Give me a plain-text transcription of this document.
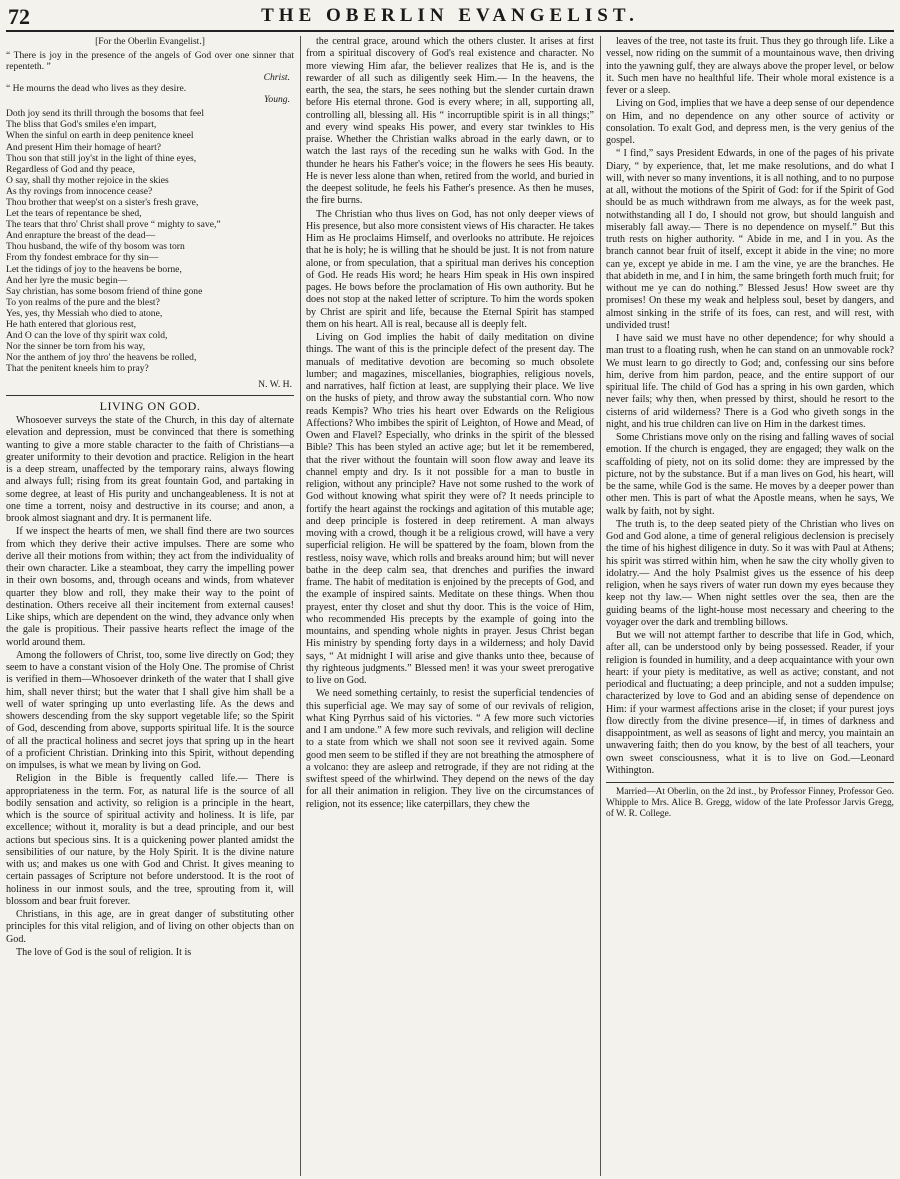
72	THE OBERLIN EVANGELIST.
[For the Oberlin Evangelist.]
“ There is joy in the presence of the angels of God over one sinner that repenteth. ”
Christ.
“ He mourns the dead who lives as they desire.
Young.
Doth joy send its thrill through the bosoms that feel
The bliss that God's smiles e'en impart,
When the sinful on earth in deep penitence kneel
And present Him their homage of heart?
Thou son that still joy'st in the light of thine eyes,
Regardless of God and thy peace,
O say, shall thy mother rejoice in the skies
As thy rovings from innocence cease?
Thou brother that weep'st on a sister's fresh grave,
Let the tears of repentance be shed,
The tears that thro' Christ shall prove “ mighty to save,”
And enrapture the breast of the dead—
Thou husband, the wife of thy bosom was torn
From thy fondest embrace for thy sin—
Let the tidings of joy to the heavens be borne,
And her lyre the music begin—
Say christian, has some bosom friend of thine gone
To yon realms of the pure and the blest?
Yes, yes, thy Messiah who died to atone,
He hath entered that glorious rest,
And O can the love of thy spirit wax cold,
Nor the sinner be torn from his way,
Nor the anthem of joy thro' the heavens be rolled,
That the penitent kneels him to pray?
N. W. H.
LIVING ON GOD.

Whosoever surveys the state of the Church, in this day of alternate elevation and depression, must be convinced that there is something wanting to give a more stable character to the faith of Christians—a greater uniformity to their devotion and practice. Religion in the heart is a deep stream, unaffected by the temporary rains, always flowing and always full; rising from its great fountain God, and partaking in some degree, at least of His purity and unchangeableness. It is not at one time a torrent, noisy and destructive in its course; and anon, a brook almost siagnant and dry. It is permanent life.

If we inspect the hearts of men, we shall find there are two sources from which they derive their active impulses. There are some who derive all their motions from within; they act from the individuality of their own character. Like a steamboat, they carry the impelling power in their own bosoms, and, through oceans and winds, from whatever quarter they blow and roll, they make their way to the point of destination. Others receive all their incitement from external causes! Like ships, which are dependent on the wind, they advance only when the gale is propitious. Their passive hearts reflect the image of the world around them.

Among the followers of Christ, too, some live directly on God; they seem to have a constant vision of the Holy One. The promise of Christ is verified in them—Whosoever drinketh of the water that I shall give him, shall never thirst; but the water that I shall give him shall be a well of water springing up unto everlasting life. As the dews and showers descending from the sky support vegetable life; so the Spirit of God, descending from above, supports spiritual life. It is the source of all the practical holiness and secret joys that spring up in the heart of a proficient Christian. Drinking into this Spirit, without depending on impulses, is what we mean by living on God.

Religion in the Bible is frequently called life.— There is appropriateness in the term. For, as natural life is the source of all bodily sensation and activity, so religion is a principle in the heart, which is the source of spiritual activity and holiness. It is life, par excellence; without it, morality is but a dead principle, and our best actions but specious sins. It is a quickening power planted amidst the sensibilities of our nature, by the Holy Spirit. It is the divine nature with us; and makes us one with God and Christ. It gives meaning to certain passages of Scripture not before understood. It is the root of holiness in our inmost souls, and the tree, sprouting from it, will blossom and bear fruit forever.

Christians, in this age, are in great danger of substituting other principles for this vital religion, and of living on other objects than on God.

The love of God is the soul of religion. It is

the central grace, around which the others cluster. It arises at first from a spiritual discovery of God's real existence and character. No more viewing Him afar, the believer realizes that He is, and is the rewarder of all such as diligently seek Him.— In the heavens, the earth, the sea, the stars, he sees nothing but the slender curtain drawn before His eternal throne. God is every where; in all, supporting all, controlling all, blessing all. His “ incorruptible spirit is in all things;” and every wind speaks His power, and every star twinkles to His praise. Whether the Christian walks abroad in the early dawn, or to watch the last rays of the receding sun he walks with God. In the thunder he hears his Father's voice; in the flowers he sees His beauty. He is never less alone than when, retired from the world, and buried in the deepest solitude, he feels his Father's presence. As then he muses, the fire burns.

The Christian who thus lives on God, has not only deeper views of His presence, but also more consistent views of His character. He takes Him as He proclaims Himself, and overlooks no attribute. He rejoices that he is holy; he is willing that he should be just. It is not from nature alone, or from speculation, that a spiritual man derives his conception of God. He reads His word; he hears Him speak in His own inspired pages. He bows before the proclamation of His own authority. But he does not stop at the naked letter of scripture. To him the words spoken by Christ are spirit and life, because the Eternal Spirit has stamped them on his heart. All is real, because all is deeply felt.

Living on God implies the habit of daily meditation on divine things. The want of this is the principle defect of the present day. The manuals of meditative devotion are becoming so much obsolete lumber; and magazines, miscellanies, biographies, religious novels, and narratives, half fiction at least, are supplying their place. We live on the husks of piety, and throw away the substantial corn. Who now reads Kempis? Who tries his heart over Edwards on the Religious Affections? Who imbibes the spirit of Leighton, of Howe and Mead, of Owen and Flavel? Especially, who drinks in the spirit of the blessed Bible? This has been styled an active age; but let it be remembered, that the river without the fountain will soon flow away and leave its channel empty and dry. Is it not possible for a man to bustle in religion, without any principle? Have not some rushed to the work of God without knowing what spirit they were of? It needs principle to fortify the heart against the rockings and agitation of this mutable age; and deep principle is fostered in deep retirement. A man always moving with a crowd, though it be a religious crowd, will have a very superficial religion. He will be spattered by the foam, blown from the restless, noisy wave, which rolls and breaks around him; but will never bathe in the deep calm sea, that drenches and purifies the inward frame. The habit of meditation is enjoined by the precepts of God, and the example of inspired saints. Meditate on these things. When thou prayest, enter thy closet and shut thy door. This is the voice of Him, who recommended His precepts by the example of going into the mountains, and spending whole nights in prayer. Jesus Christ began His ministry by spending forty days in a wilderness; and holy David says, “ At midnight I will arise and give thanks unto thee, because of thy righteous judgments.” Blessed men! it was your sweet prerogative to live on God.

We need something certainly, to resist the superficial tendencies of this superficial age. We may say of some of our revivals of religion, what King Pyrrhus said of his victories. “ A few more such victories and I am undone.” A few more such revivals, and religion will decline to a state from which we shall not soon see it revived again. Some good men seem to be stifled if they are not breathing the atmosphere of a volcano: they are asleep and retrograde, if they are not riding at the swiftest speed of the whirlwind. They depend on the news of the day for all their animation in religion. They live on the circumstances of religion, not its essence; like caterpillars, they chew the

leaves of the tree, not taste its fruit. Thus they go through life. Like a vessel, now riding on the summit of a mountainous wave, then driving into the yawning gulf, they are always above the proper level, or below it. Such men have no healthful life. Their whole moral existence is a fever or a sleep.

Living on God, implies that we have a deep sense of our dependence on Him, and no dependence on any other source of activity or consolation. To exalt God, and depress men, is the very genius of the gospel.

“ I find,” says President Edwards, in one of the pages of his private Diary, “ by experience, that, let me make resolutions, and do what I will, with never so many inventions, it is all nothing, and to no purpose at all, without the motions of the Spirit of God: for if the Spirit of God should be as much withdrawn from me always, as for the week past, notwithstanding all I do, I should not grow, but should languish and miserably fall away.— There is no dependence on myself.” But this truth rests on higher authority. “ Abide in me, and I in you. As the branch cannot bear fruit of itself, except it abide in the vine; no more can ye, except ye abide in me. I am the vine, ye are the branches. He that abideth in me, and I in him, the same bringeth forth much fruit; for without me ye can do nothing.” Blessed Jesus! How sweet are thy promises! On these my weak and helpless soul, beset by dangers, and almost sinking in the strife of its foes, can rest, and will rest, with undivided trust!

I have said we must have no other dependence; for why should a man trust to a floating rush, when he can stand on an unmovable rock? We must learn to go directly to God; and, confessing our sins before him, derive from him pardon, peace, and the entire support of our spiritual life. The child of God has a spring in his own garden, which never fails; why then, when pressed by thirst, should he resort to the cisterns of arid wilderness? There is a God who giveth songs in the night, and his true children can live on Him in the darkest times.

Some Christians move only on the rising and falling waves of social emotion. If the church is engaged, they are engaged; they walk on the scaffolding of piety, not on its solid dome: they are impressed by the picture, not by the substance. But if a man lives on God, his heart, will be the same, while God is the same. He moves by a deeper power than other men. This is part of what the Apostle means, when he says, We walk by faith, not by sight.

The truth is, to the deep seated piety of the Christian who lives on God and God alone, a time of general religious declension is precisely the time of his highest diligence in duty. So it was with Paul at Athens; his spirit was stirred within him, when he saw the city wholly given to idolatry.— And the holy Psalmist gives us the essence of his deep religion, when he says rivers of water run down my eyes because they keep not thy law.— When night settles over the sea, then are the guiding beams of the light-house most necessary and cheering to the voyager over the dark and trembling billows.

But we will not attempt farther to describe that life in God, which, after all, can be understood only by being possessed. Reader, if your religion is founded in humility, and a deep acquaintance with your own heart: if your piety is meditative, as well as active; constant, and not periodical and fluctuating; a deep principle, and not a sudden impulse; characterized by love to God and an abiding sense of dependence on Him: if your warmest affections arise in the closet; if your purest joys flow directly from the divine presence—if, in times of darkness and disappointment, as well as seasons of light and mercy, you maintain an unwavering faith; then do you know, by the best of all teachers, your own sweet consciousness, what it is to live on God.—Leonard Withington.

Married—At Oberlin, on the 2d inst., by Professor Finney, Professor Geo. Whipple to Mrs. Alice B. Gregg, widow of the late Professor Jarvis Gregg, of W. R. College.
